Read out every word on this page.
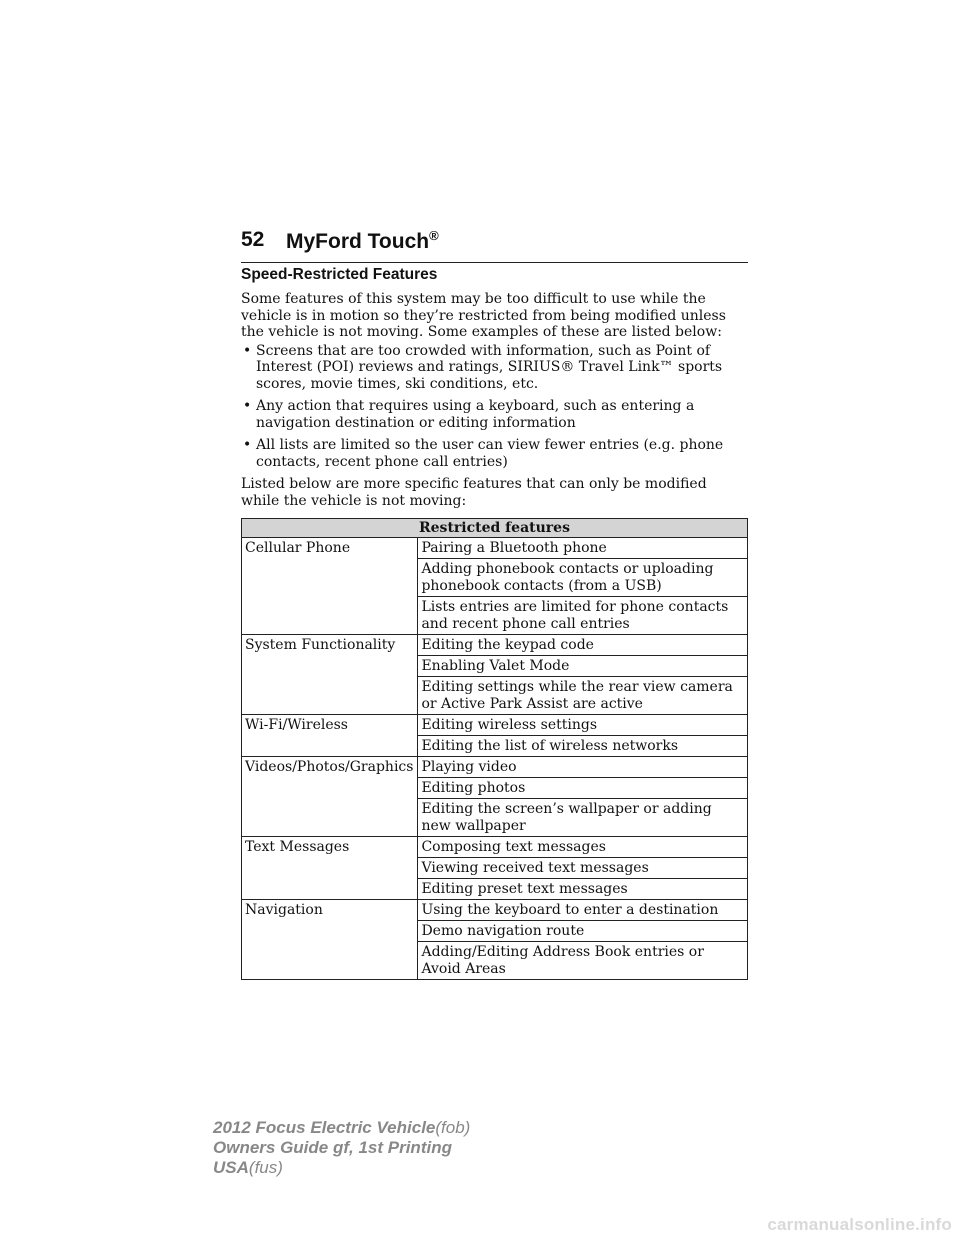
52 MyFord Touch®
Speed-Restricted Features

Some features of this system may be too difficult to use while the vehicle is in motion so they’re restricted from being modified unless the vehicle is not moving. Some examples of these are listed below:

• Screens that are too crowded with information, such as Point of Interest (POI) reviews and ratings, SIRIUS® Travel Link™ sports scores, movie times, ski conditions, etc.
• Any action that requires using a keyboard, such as entering a navigation destination or editing information
• All lists are limited so the user can view fewer entries (e.g. phone contacts, recent phone call entries)

Listed below are more specific features that can only be modified while the vehicle is not moving:

Restricted features	
Cellular Phone	Pairing a Bluetooth phone
	Adding phonebook contacts or uploading phonebook contacts (from a USB)
	Lists entries are limited for phone contacts and recent phone call entries
System Functionality	Editing the keypad code
	Enabling Valet Mode
	Editing settings while the rear view camera or Active Park Assist are active
Wi-Fi/Wireless	Editing wireless settings
	Editing the list of wireless networks
Videos/Photos/Graphics	Playing video
	Editing photos
	Editing the screen’s wallpaper or adding new wallpaper
Text Messages	Composing text messages
	Viewing received text messages
	Editing preset text messages
Navigation	Using the keyboard to enter a destination
	Demo navigation route
	Adding/Editing Address Book entries or Avoid Areas
2012 Focus Electric Vehicle(fob)
Owners Guide gf, 1st Printing
USA(fus)
carmanualsonline.info
